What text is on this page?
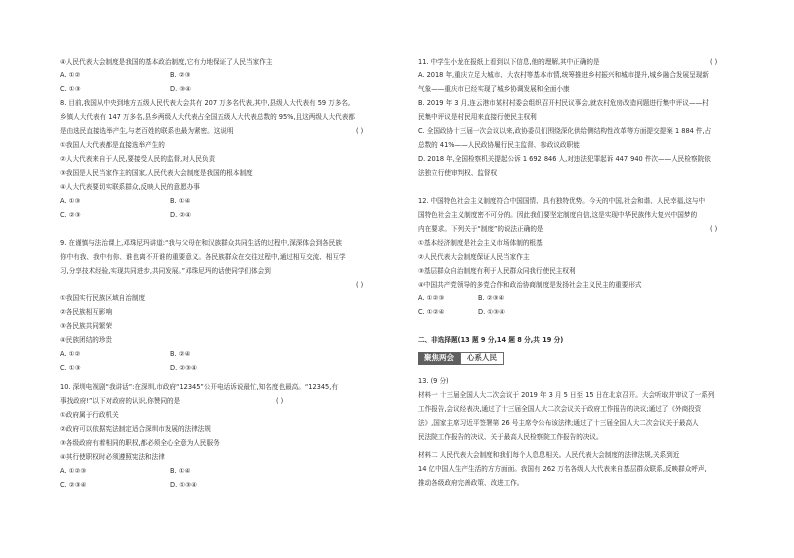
④人民代表大会制度是我国的基本政治制度,它有力地保证了人民当家作主
A. ①②	B. ②③
C. ①③	D. ③④
8. 目前,我国从中央到地方五级人民代表大会共有 207 万多名代表,其中,县级人大代表有 59 万多名,
乡镇人大代表有 147 万多名,县乡两级人大代表占全国五级人大代表总数的 95%,且这两级人大代表都
是由选民直接选举产生,与老百姓的联系也最为紧密。这说明	( )
①我国人大代表都是直接选举产生的
②人大代表来自于人民,要接受人民的监督,对人民负责
③我国是人民当家作主的国家,人民代表大会制度是我国的根本制度
④人大代表要切实联系群众,反映人民的意愿办事
A. ①③	B. ①④
C. ②③	D. ②④
9. 在谨慎与法治课上,邓珠尼玛讲道:“我与父母在和汉族群众共同生活的过程中,深深体会到各民族
你中有我、我中有你、谁也离不开谁的重要意义。各民族群众在交往过程中,通过相互交流、相互学
习,分享技术经验,实现共同进步,共同发展。”邓珠尼玛的话使同学们体会到
( )
①我国实行民族区域自治制度
②各民族相互影响
③各民族共同繁荣
④民族团结的珍贵
A. ①②	B. ②④
C. ①③	D. ②③④
10. 深圳电视剧“我讲话”:在深圳,市政府“12345”公开电话诉说最忙,知名度也最高。“12345,有
事找政府!”以下对政府的认识,你赞同的是	( )
①政府属于行政机关
②政府可以依据宪法制定适合深圳市发展的法律法规
③各级政府有着相同的职权,都必须全心全意为人民服务
④其行使职权时必须遵照宪法和法律
A. ①②③	B. ①④
C. ②③④	D. ①③④
11. 中学生小龙在报纸上看到以下信息,他的理解,其中正确的是	( )
A. 2018 年,重庆立足大城市、大农村等基本市情,统筹推进乡村振兴和城市提升,城乡融合发展呈现新
气象——重庆市已经实现了城乡协调发展和全面小康
B. 2019 年 3 月,连云港市某村村委会组织召开村民议事会,就农村危房改造问题进行集中评议——村
民集中评议是村民用来直接行使民主权利
C. 全国政协十三届一次会议以来,政协委员们围绕深化供给侧结构性改革等方面提交提案 1 884 件,占
总数的 41%——人民政协履行民主监督、参政议政职能
D. 2018 年,全国检察机关提起公诉 1 692 846 人,对违法犯罪起诉 447 940 件次——人民检察院依
法独立行使审判权、监督权
12. 中国特色社会主义制度符合中国国情、具有独特优势。今天的中国,社会和谐、人民幸福,这与中
国特色社会主义制度密不可分的。因此我们要坚定制度自信,这是实现中华民族伟大复兴中国梦的
内在要求。下列关于“制度”的说法正确的是	( )
①基本经济制度是社会主义市场体制的根基
②人民代表大会制度保证人民当家作主
③基层群众自治制度有利于人民群众同我行使民主权利
④中国共产党领导的多党合作和政治协商制度是发扬社会主义民主的重要形式
A. ①②③	B. ②③④
C. ①②④	D. ①③④
二、非选择题(13 题 9 分,14 题 8 分,共 19 分)
聚焦两会	心系人民
13. (9 分)
材料一 十三届全国人大二次会议于 2019 年 3 月 5 日至 15 日在北京召开。大会听取并审议了一系列
工作报告,会议经表决,通过了十三届全国人大二次会议关于政府工作报告的决议;通过了《外商投资
法》,国家主席习近平签署第 26 号主席令公布该法律;通过了十三届全国人大二次会议关于最高人
民法院工作报告的决议、关于最高人民检察院工作报告的决议。
材料二 人民代表大会制度和我们每个人息息相关。人民代表大会制度的法律法规,关系到近
14 亿中国人生产生活的方方面面。我国有 262 万名各级人大代表来自基层群众联系,反映群众呼声,
推动各级政府完善政策、改进工作。
